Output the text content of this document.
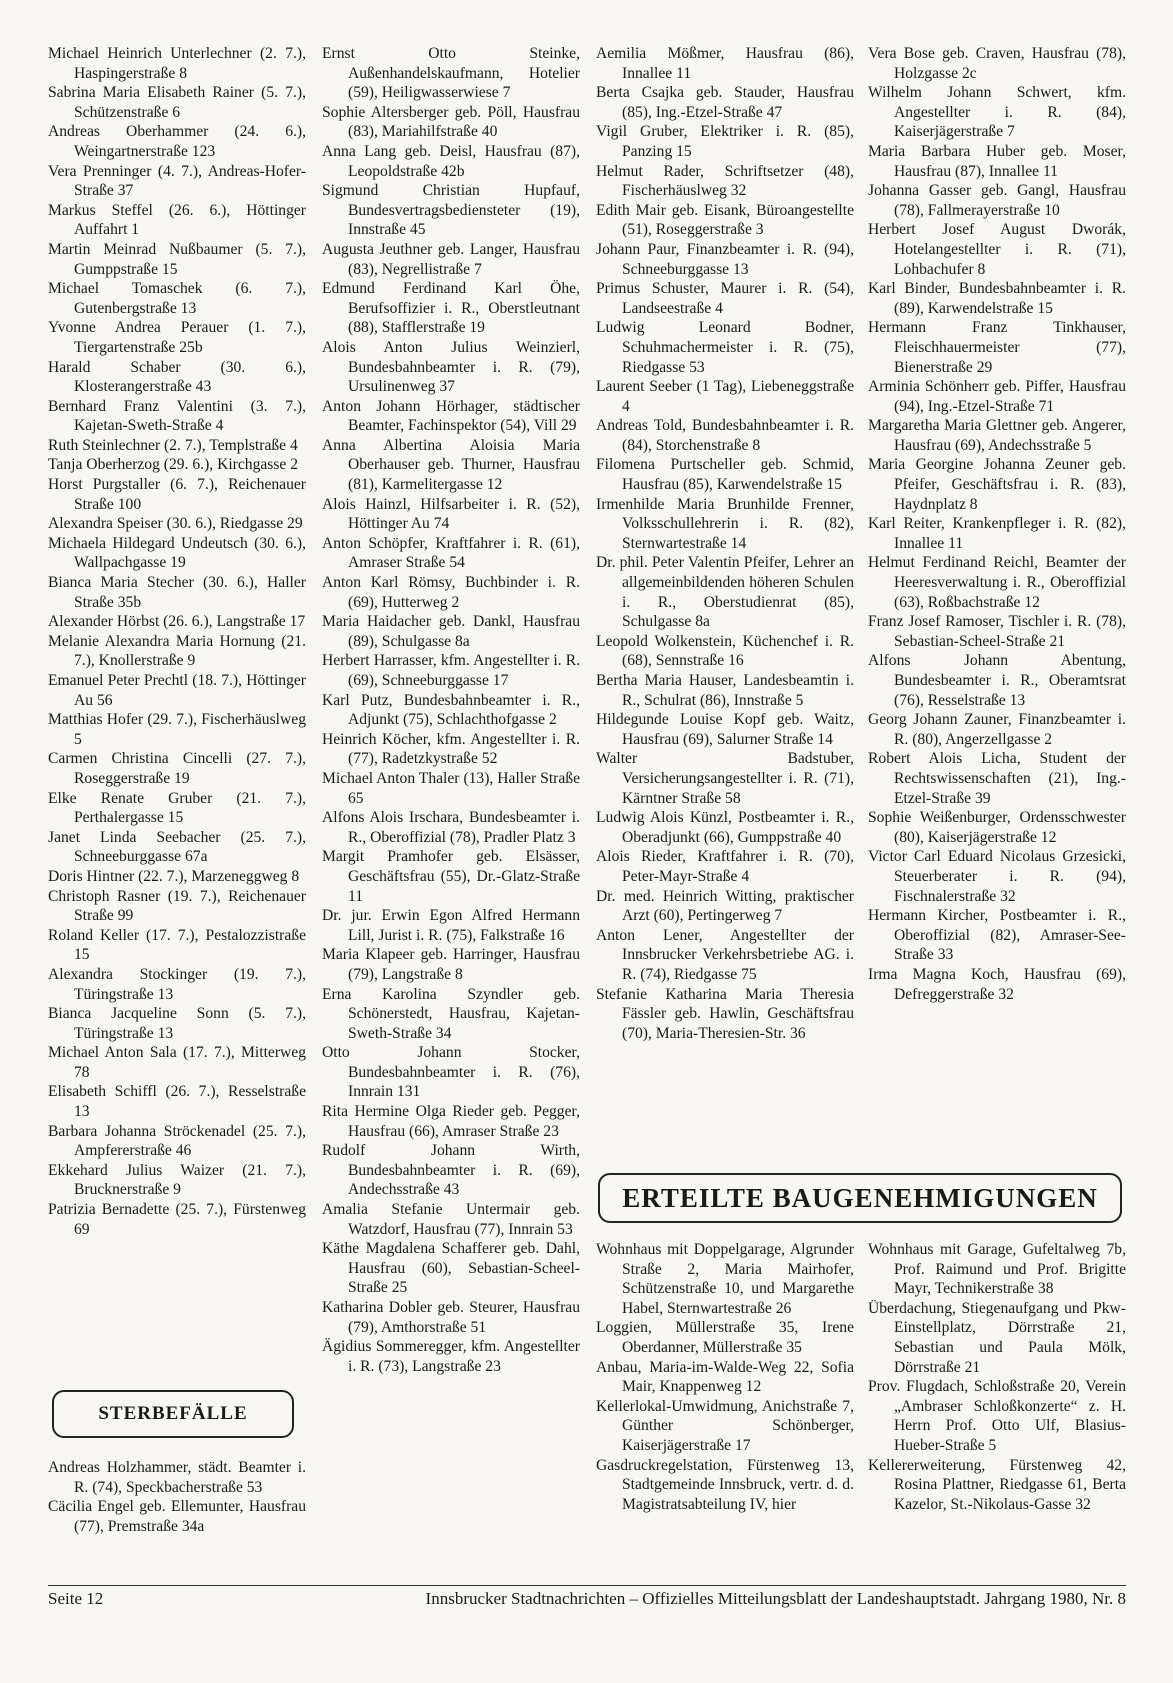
Michael Heinrich Unterlechner (2. 7.), Haspingerstraße 8
Sabrina Maria Elisabeth Rainer (5. 7.), Schützenstraße 6
Andreas Oberhammer (24. 6.), Weingartnerstraße 123
Vera Prenninger (4. 7.), Andreas-Hofer-Straße 37
Markus Steffel (26. 6.), Höttinger Auffahrt 1
Martin Meinrad Nußbaumer (5. 7.), Gumppstraße 15
Michael Tomaschek (6. 7.), Gutenbergstraße 13
Yvonne Andrea Perauer (1. 7.), Tiergartenstraße 25b
Harald Schaber (30. 6.), Klosterangerstraße 43
Bernhard Franz Valentini (3. 7.), Kajetan-Sweth-Straße 4
Ruth Steinlechner (2. 7.), Templstraße 4
Tanja Oberherzog (29. 6.), Kirchgasse 2
Horst Purgstaller (6. 7.), Reichenauer Straße 100
Alexandra Speiser (30. 6.), Riedgasse 29
Michaela Hildegard Undeutsch (30. 6.), Wallpachgasse 19
Bianca Maria Stecher (30. 6.), Haller Straße 35b
Alexander Hörbst (26. 6.), Langstraße 17
Melanie Alexandra Maria Hornung (21. 7.), Knollerstraße 9
Emanuel Peter Prechtl (18. 7.), Höttinger Au 56
Matthias Hofer (29. 7.), Fischerhäuslweg 5
Carmen Christina Cincelli (27. 7.), Roseggerstraße 19
Elke Renate Gruber (21. 7.), Perthalergasse 15
Janet Linda Seebacher (25. 7.), Schneeburggasse 67a
Doris Hintner (22. 7.), Marzeneggweg 8
Christoph Rasner (19. 7.), Reichenauer Straße 99
Roland Keller (17. 7.), Pestalozzistraße 15
Alexandra Stockinger (19. 7.), Türingstraße 13
Bianca Jacqueline Sonn (5. 7.), Türingstraße 13
Michael Anton Sala (17. 7.), Mitterweg 78
Elisabeth Schiffl (26. 7.), Resselstraße 13
Barbara Johanna Ströckenadel (25. 7.), Ampfererstraße 46
Ekkehard Julius Waizer (21. 7.), Brucknerstraße 9
Patrizia Bernadette (25. 7.), Fürstenweg 69
STERBEFÄLLE
Andreas Holzhammer, städt. Beamter i. R. (74), Speckbacherstraße 53
Cäcilia Engel geb. Ellemunter, Hausfrau (77), Premstraße 34a
Ernst Otto Steinke, Außenhandelskaufmann, Hotelier (59), Heiligwasserwiese 7
Sophie Altersberger geb. Pöll, Hausfrau (83), Mariahilfstraße 40
Anna Lang geb. Deisl, Hausfrau (87), Leopoldstraße 42b
Sigmund Christian Hupfauf, Bundesvertragsbediensteter (19), Innstraße 45
Augusta Jeuthner geb. Langer, Hausfrau (83), Negrellistraße 7
Edmund Ferdinand Karl Öhe, Berufsoffizier i. R., Oberstleutnant (88), Stafflerstraße 19
Alois Anton Julius Weinzierl, Bundesbahnbeamter i. R. (79), Ursulinenweg 37
Anton Johann Hörhager, städtischer Beamter, Fachinspektor (54), Vill 29
Anna Albertina Aloisia Maria Oberhauser geb. Thurner, Hausfrau (81), Karmelitergasse 12
Alois Hainzl, Hilfsarbeiter i. R. (52), Höttinger Au 74
Anton Schöpfer, Kraftfahrer i. R. (61), Amraser Straße 54
Anton Karl Römsy, Buchbinder i. R. (69), Hutterweg 2
Maria Haidacher geb. Dankl, Hausfrau (89), Schulgasse 8a
Herbert Harrasser, kfm. Angestellter i. R. (69), Schneeburggasse 17
Karl Putz, Bundesbahnbeamter i. R., Adjunkt (75), Schlachthofgasse 2
Heinrich Köcher, kfm. Angestellter i. R. (77), Radetzkystraße 52
Michael Anton Thaler (13), Haller Straße 65
Alfons Alois Irschara, Bundesbeamter i. R., Oberoffizial (78), Pradler Platz 3
Margit Pramhofer geb. Elsässer, Geschäftsfrau (55), Dr.-Glatz-Straße 11
Dr. jur. Erwin Egon Alfred Hermann Lill, Jurist i. R. (75), Falkstraße 16
Maria Klapeer geb. Harringer, Hausfrau (79), Langstraße 8
Erna Karolina Szyndler geb. Schönerstedt, Hausfrau, Kajetan-Sweth-Straße 34
Otto Johann Stocker, Bundesbahnbeamter i. R. (76), Innrain 131
Rita Hermine Olga Rieder geb. Pegger, Hausfrau (66), Amraser Straße 23
Rudolf Johann Wirth, Bundesbahnbeamter i. R. (69), Andechsstraße 43
Amalia Stefanie Untermair geb. Watzdorf, Hausfrau (77), Innrain 53
Käthe Magdalena Schafferer geb. Dahl, Hausfrau (60), Sebastian-Scheel-Straße 25
Katharina Dobler geb. Steurer, Hausfrau (79), Amthorstraße 51
Ägidius Sommeregger, kfm. Angestellter i. R. (73), Langstraße 23
Aemilia Mößmer, Hausfrau (86), Innallee 11
Berta Csajka geb. Stauder, Hausfrau (85), Ing.-Etzel-Straße 47
Vigil Gruber, Elektriker i. R. (85), Panzing 15
Helmut Rader, Schriftsetzer (48), Fischerhäuslweg 32
Edith Mair geb. Eisank, Büroangestellte (51), Roseggerstraße 3
Johann Paur, Finanzbeamter i. R. (94), Schneeburggasse 13
Primus Schuster, Maurer i. R. (54), Landseestraße 4
Ludwig Leonard Bodner, Schuhmachermeister i. R. (75), Riedgasse 53
Laurent Seeber (1 Tag), Liebeneggstraße 4
Andreas Told, Bundesbahnbeamter i. R. (84), Storchenstraße 8
Filomena Purtscheller geb. Schmid, Hausfrau (85), Karwendelstraße 15
Irmenhilde Maria Brunhilde Frenner, Volksschullehrerin i. R. (82), Sternwartestraße 14
Dr. phil. Peter Valentin Pfeifer, Lehrer an allgemeinbildenden höheren Schulen i. R., Oberstudienrat (85), Schulgasse 8a
Leopold Wolkenstein, Küchenchef i. R. (68), Sennstraße 16
Bertha Maria Hauser, Landesbeamtin i. R., Schulrat (86), Innstraße 5
Hildegunde Louise Kopf geb. Waitz, Hausfrau (69), Salurner Straße 14
Walter Badstuber, Versicherungsangestellter i. R. (71), Kärntner Straße 58
Ludwig Alois Künzl, Postbeamter i. R., Oberadjunkt (66), Gumppstraße 40
Alois Rieder, Kraftfahrer i. R. (70), Peter-Mayr-Straße 4
Dr. med. Heinrich Witting, praktischer Arzt (60), Pertingerweg 7
Anton Lener, Angestellter der Innsbrucker Verkehrsbetriebe AG. i. R. (74), Riedgasse 75
Stefanie Katharina Maria Theresia Fässler geb. Hawlin, Geschäftsfrau (70), Maria-Theresien-Str. 36
ERTEILTE BAUGENEHMIGUNGEN
Wohnhaus mit Doppelgarage, Algrunder Straße 2, Maria Mairhofer, Schützenstraße 10, und Margarethe Habel, Sternwartestraße 26
Loggien, Müllerstraße 35, Irene Oberdanner, Müllerstraße 35
Anbau, Maria-im-Walde-Weg 22, Sofia Mair, Knappenweg 12
Kellerlokal-Umwidmung, Anichstraße 7, Günther Schönberger, Kaiserjägerstraße 17
Gasdruckregelstation, Fürstenweg 13, Stadtgemeinde Innsbruck, vertr. d. d. Magistratsabteilung IV, hier
Vera Bose geb. Craven, Hausfrau (78), Holzgasse 2c
Wilhelm Johann Schwert, kfm. Angestellter i. R. (84), Kaiserjägerstraße 7
Maria Barbara Huber geb. Moser, Hausfrau (87), Innallee 11
Johanna Gasser geb. Gangl, Hausfrau (78), Fallmerayerstraße 10
Herbert Josef August Dworák, Hotelangestellter i. R. (71), Lohbachufer 8
Karl Binder, Bundesbahnbeamter i. R. (89), Karwendelstraße 15
Hermann Franz Tinkhauser, Fleischhauermeister (77), Bienerstraße 29
Arminia Schönherr geb. Piffer, Hausfrau (94), Ing.-Etzel-Straße 71
Margaretha Maria Glettner geb. Angerer, Hausfrau (69), Andechsstraße 5
Maria Georgine Johanna Zeuner geb. Pfeifer, Geschäftsfrau i. R. (83), Haydnplatz 8
Karl Reiter, Krankenpfleger i. R. (82), Innallee 11
Helmut Ferdinand Reichl, Beamter der Heeresverwaltung i. R., Oberoffizial (63), Roßbachstraße 12
Franz Josef Ramoser, Tischler i. R. (78), Sebastian-Scheel-Straße 21
Alfons Johann Abentung, Bundesbeamter i. R., Oberamtsrat (76), Resselstraße 13
Georg Johann Zauner, Finanzbeamter i. R. (80), Angerzellgasse 2
Robert Alois Licha, Student der Rechtswissenschaften (21), Ing.-Etzel-Straße 39
Sophie Weißenburger, Ordensschwester (80), Kaiserjägerstraße 12
Victor Carl Eduard Nicolaus Grzesicki, Steuerberater i. R. (94), Fischnalerstraße 32
Hermann Kircher, Postbeamter i. R., Oberoffizial (82), Amraser-See-Straße 33
Irma Magna Koch, Hausfrau (69), Defreggerstraße 32
Wohnhaus mit Garage, Gufeltalweg 7b, Prof. Raimund und Prof. Brigitte Mayr, Technikerstraße 38
Überdachung, Stiegenaufgang und Pkw-Einstellplatz, Dörrstraße 21, Sebastian und Paula Mölk, Dörrstraße 21
Prov. Flugdach, Schloßstraße 20, Verein „Ambraser Schloßkonzerte“ z. H. Herrn Prof. Otto Ulf, Blasius-Hueber-Straße 5
Kellererweiterung, Fürstenweg 42, Rosina Plattner, Riedgasse 61, Berta Kazelor, St.-Nikolaus-Gasse 32
Seite 12	Innsbrucker Stadtnachrichten – Offizielles Mitteilungsblatt der Landeshauptstadt. Jahrgang 1980, Nr. 8
